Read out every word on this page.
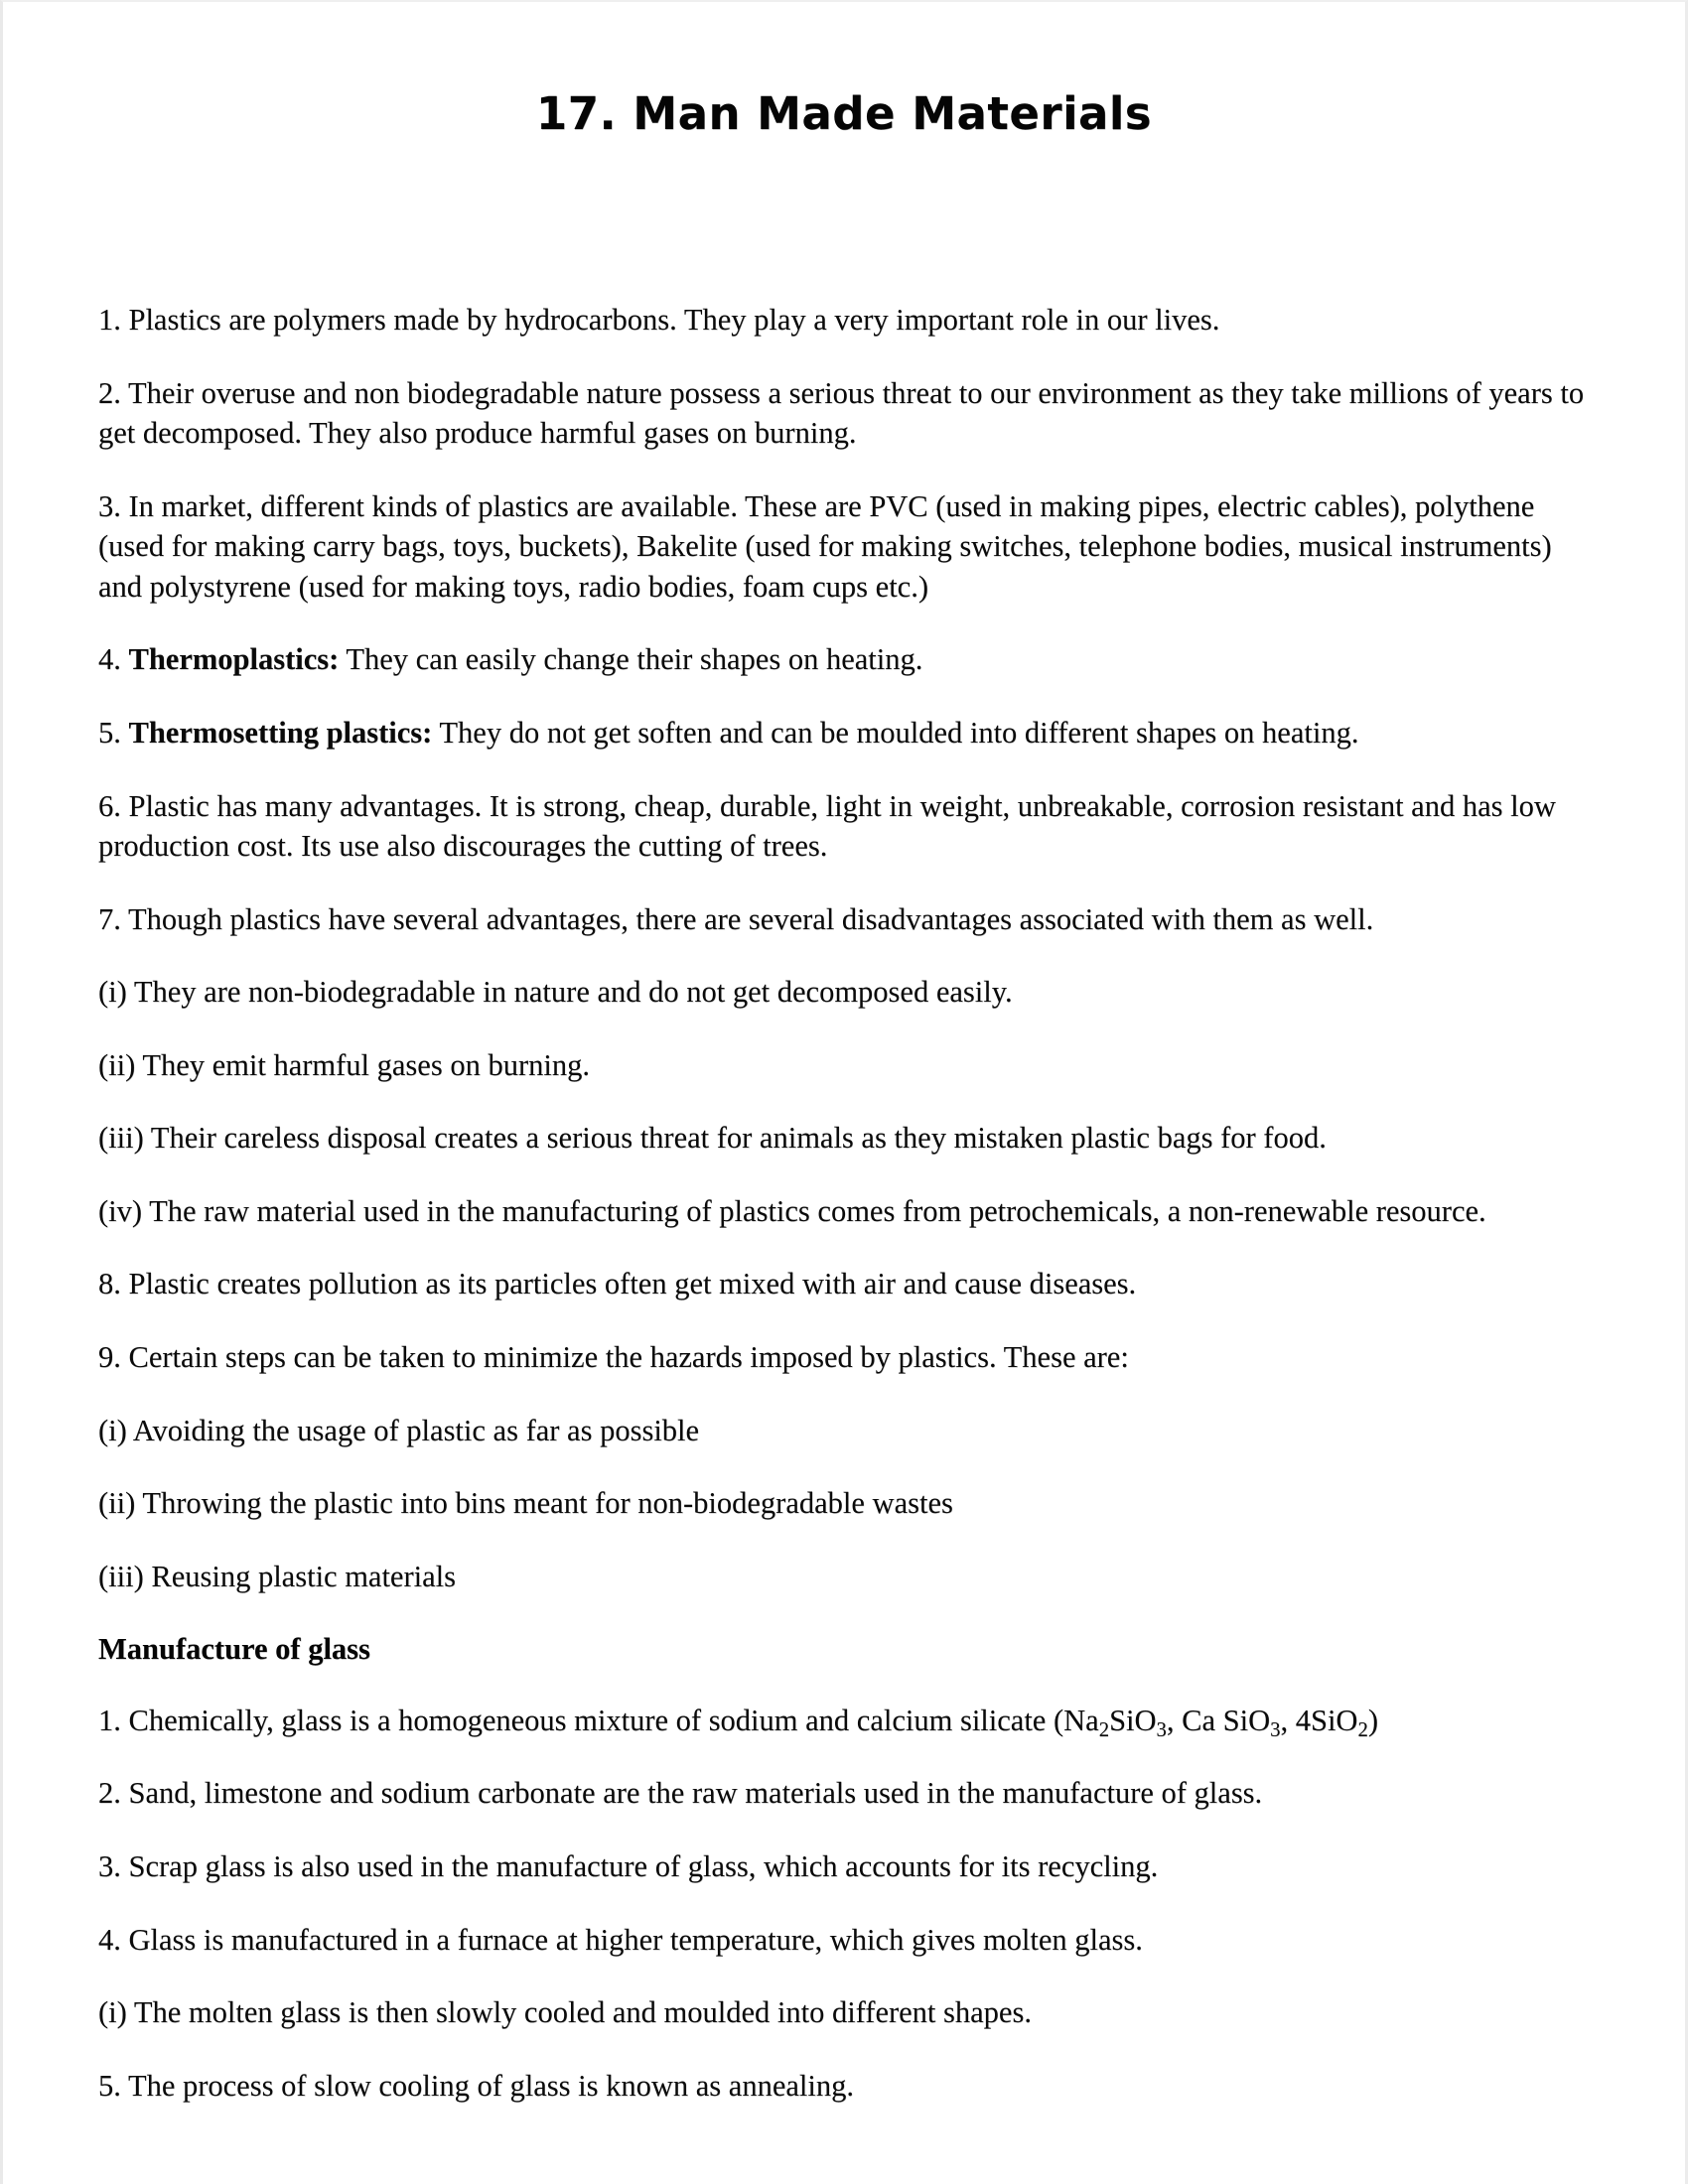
17. Man Made Materials

1. Plastics are polymers made by hydrocarbons. They play a very important role in our lives.

2. Their overuse and non biodegradable nature possess a serious threat to our environment as they take millions of years to get decomposed. They also produce harmful gases on burning.

3. In market, different kinds of plastics are available. These are PVC (used in making pipes, electric cables), polythene (used for making carry bags, toys, buckets), Bakelite (used for making switches, telephone bodies, musical instruments) and polystyrene (used for making toys, radio bodies, foam cups etc.)

4. Thermoplastics: They can easily change their shapes on heating.

5. Thermosetting plastics: They do not get soften and can be moulded into different shapes on heating.

6. Plastic has many advantages. It is strong, cheap, durable, light in weight, unbreakable, corrosion resistant and has low production cost. Its use also discourages the cutting of trees.

7. Though plastics have several advantages, there are several disadvantages associated with them as well.

(i) They are non-biodegradable in nature and do not get decomposed easily.

(ii) They emit harmful gases on burning.

(iii) Their careless disposal creates a serious threat for animals as they mistaken plastic bags for food.

(iv) The raw material used in the manufacturing of plastics comes from petrochemicals, a non-renewable resource.

8. Plastic creates pollution as its particles often get mixed with air and cause diseases.

9. Certain steps can be taken to minimize the hazards imposed by plastics. These are:

(i) Avoiding the usage of plastic as far as possible

(ii) Throwing the plastic into bins meant for non-biodegradable wastes

(iii) Reusing plastic materials

Manufacture of glass

1. Chemically, glass is a homogeneous mixture of sodium and calcium silicate ($Na_2SiO_3$, Ca SiO$_3$, 4SiO$_2$)

2. Sand, limestone and sodium carbonate are the raw materials used in the manufacture of glass.

3. Scrap glass is also used in the manufacture of glass, which accounts for its recycling.

4. Glass is manufactured in a furnace at higher temperature, which gives molten glass.

(i) The molten glass is then slowly cooled and moulded into different shapes.

5. The process of slow cooling of glass is known as annealing.
